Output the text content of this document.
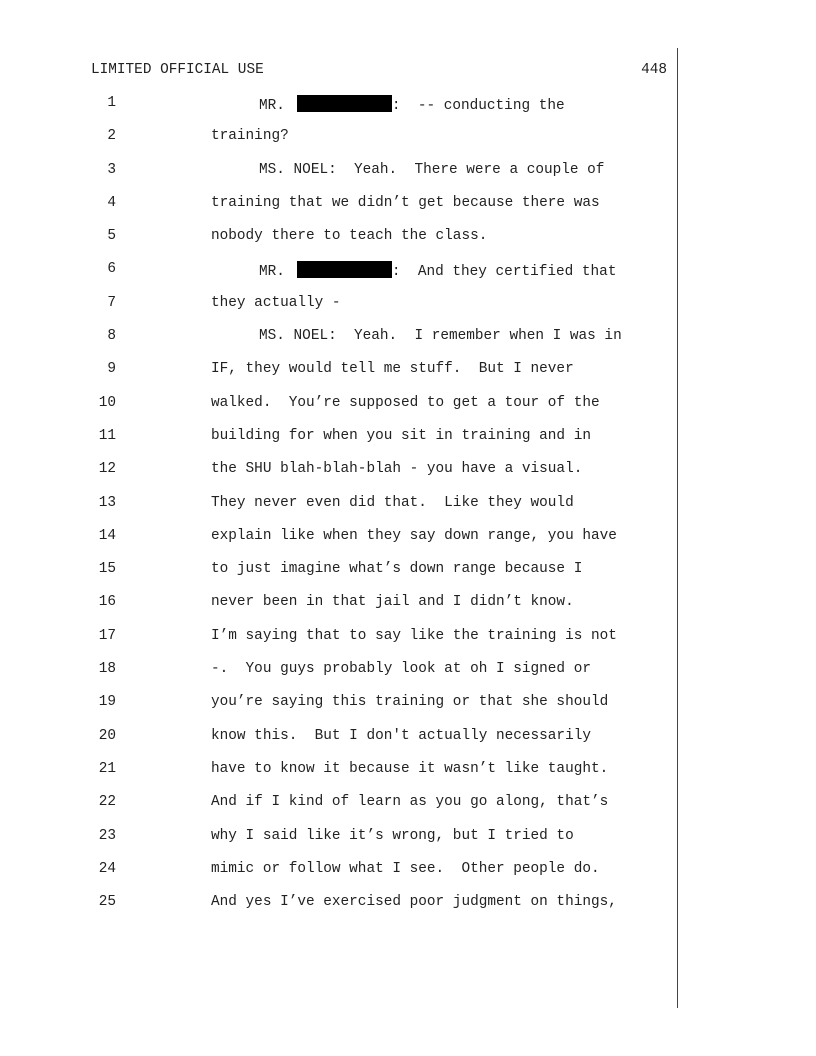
LIMITED OFFICIAL USE	448
1	MR.	:  -- conducting the
2	training?
3	MS. NOEL:  Yeah.  There were a couple of
4	training that we didn’t get because there was
5	nobody there to teach the class.
6	MR.	:  And they certified that
7	they actually -
8	MS. NOEL:  Yeah.  I remember when I was in
9	IF, they would tell me stuff.  But I never
10	walked.  You’re supposed to get a tour of the
11	building for when you sit in training and in
12	the SHU blah-blah-blah - you have a visual.
13	They never even did that.  Like they would
14	explain like when they say down range, you have
15	to just imagine what’s down range because I
16	never been in that jail and I didn’t know.
17	I’m saying that to say like the training is not
18	-.  You guys probably look at oh I signed or
19	you’re saying this training or that she should
20	know this.  But I don't actually necessarily
21	have to know it because it wasn’t like taught.
22	And if I kind of learn as you go along, that’s
23	why I said like it’s wrong, but I tried to
24	mimic or follow what I see.  Other people do.
25	And yes I’ve exercised poor judgment on things,
